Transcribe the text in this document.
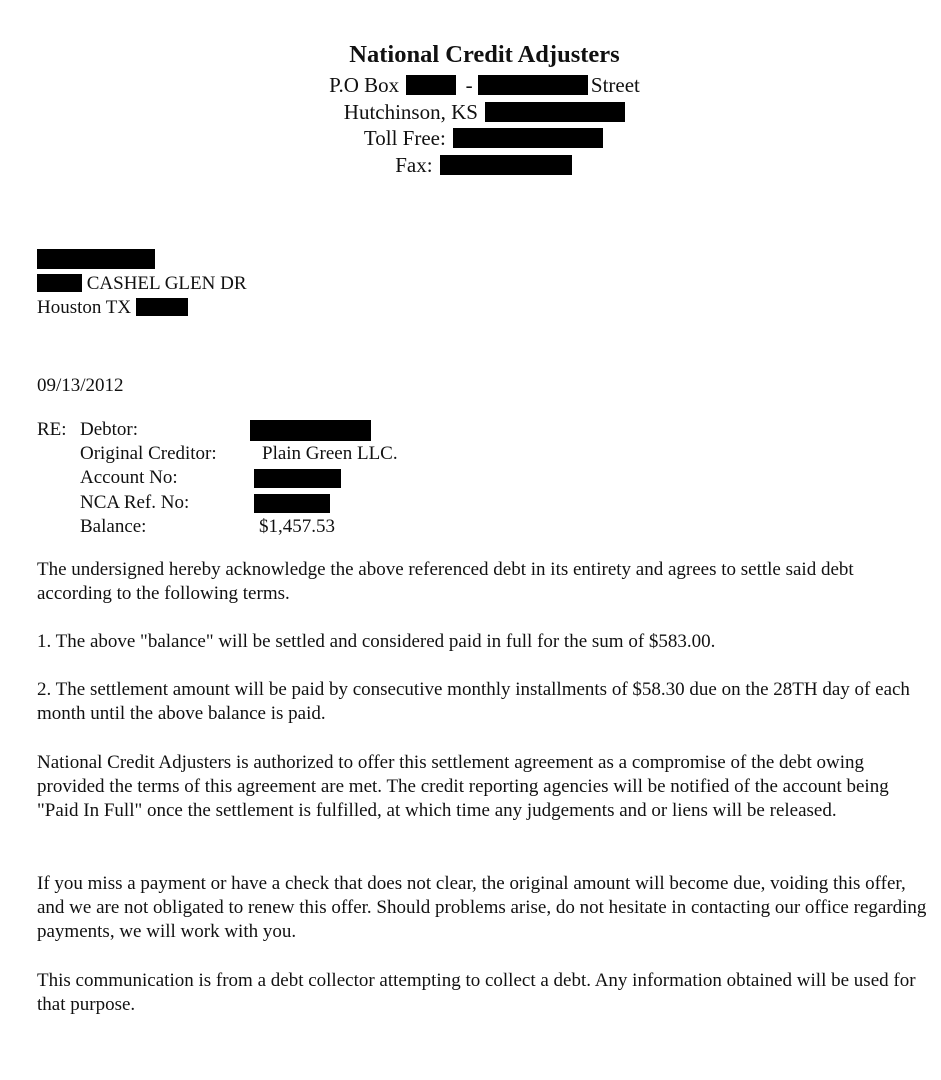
National Credit Adjusters
P.O Box	-	Street
Hutchinson, KS
Toll Free:
Fax:
CASHEL GLEN DR
Houston TX
09/13/2012
RE: Debtor:
Original Creditor: Plain Green LLC.
Account No:
NCA Ref. No:
Balance:	$1,457.53

The undersigned hereby acknowledge the above referenced debt in its entirety and agrees to settle said debt according to the following terms.

1. The above "balance" will be settled and considered paid in full for the sum of $583.00.

2. The settlement amount will be paid by consecutive monthly installments of $58.30 due on the 28TH day of each month until the above balance is paid.

National Credit Adjusters is authorized to offer this settlement agreement as a compromise of the debt owing provided the terms of this agreement are met. The credit reporting agencies will be notified of the account being "Paid In Full" once the settlement is fulfilled, at which time any judgements and or liens will be released.

If you miss a payment or have a check that does not clear, the original amount will become due, voiding this offer, and we are not obligated to renew this offer. Should problems arise, do not hesitate in contacting our office regarding payments, we will work with you.

This communication is from a debt collector attempting to collect a debt. Any information obtained will be used for that purpose.
